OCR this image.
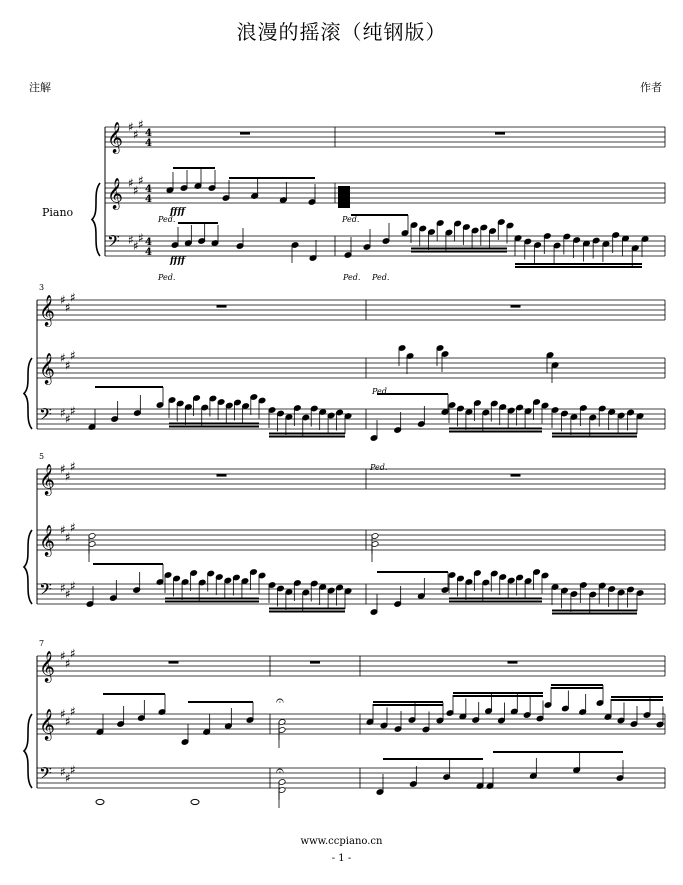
𝄞 ♯
♯
♯
4
4
𝄞 ♯
♯
♯
4
4
𝄢 ♯ ♯
♯ 4
4
𝄞 ♯
♯
♯
𝄞 ♯
♯
♯
𝄢 ♯ ♯
♯
3
𝄞 ♯
♯
♯
𝄞 ♯
♯
♯
𝄢 ♯ ♯
♯
5
𝄞 ♯
♯
♯
𝄞 ♯
♯
♯
𝄢 ♯ ♯
♯
7
Piano	ffff
Ped.
ffff
Ped.
Ped.
Ped. Ped.
Ped.
Ped.
𝄐
𝄐
浪漫的摇滚（纯钢版）
注解	作者
www.ccpiano.cn
- 1 -
